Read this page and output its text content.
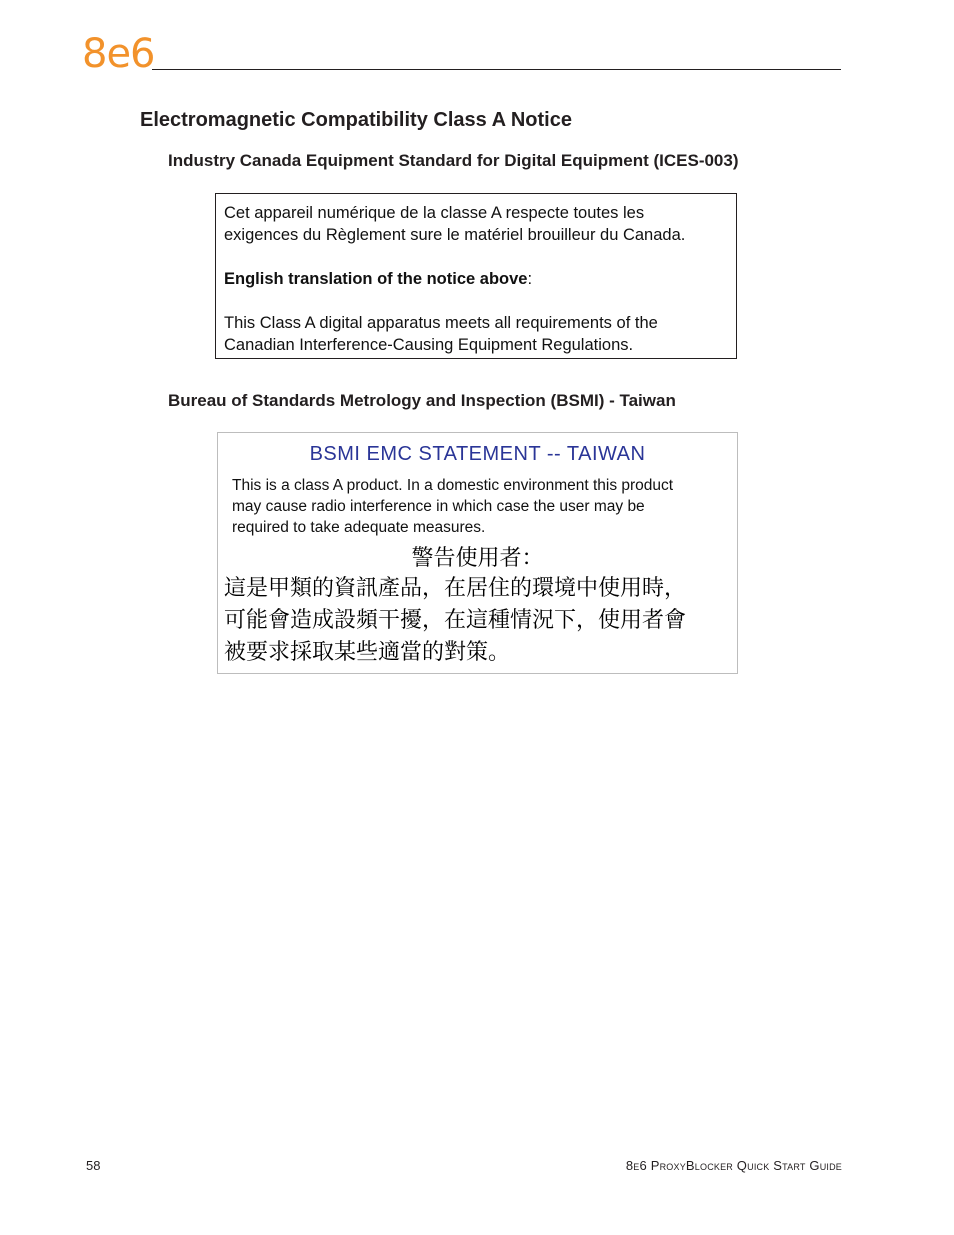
8e6
Electromagnetic Compatibility Class A Notice
Industry Canada Equipment Standard for Digital Equipment (ICES-003)

Cet appareil numérique de la classe A respecte toutes les

exigences du Règlement sure le matériel brouilleur du Canada.

English translation of the notice above:

This Class A digital apparatus meets all requirements of the

Canadian Interference-Causing Equipment Regulations.

Bureau of Standards Metrology and Inspection (BSMI) - Taiwan
BSMI EMC STATEMENT -- TAIWAN
This is a class A product. In a domestic environment this product
may cause radio interference in which case the user may be
required to take adequate measures.
警告使用者：
這是甲類的資訊產品，在居住的環境中使用時，
可能會造成設頻干擾，在這種情況下，使用者會
被要求採取某些適當的對策。
58	8e6 ProxyBlocker Quick Start Guide
